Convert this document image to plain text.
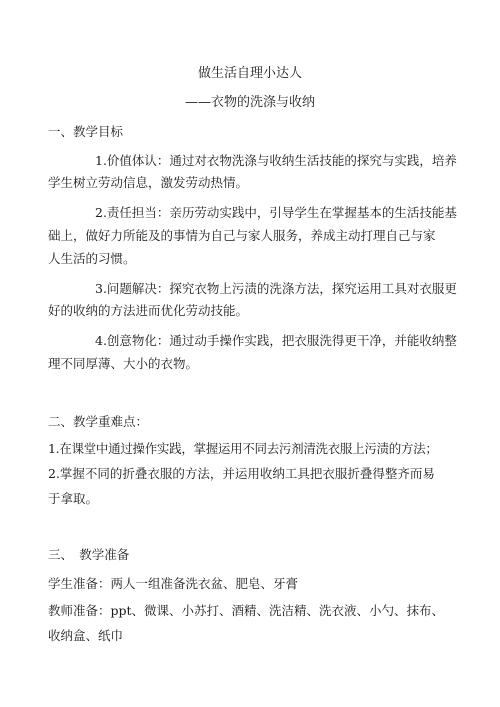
做生活自理小达人
——衣物的洗涤与收纳
一、教学目标
1.价值体认：通过对衣物洗涤与收纳生活技能的探究与实践，培养
学生树立劳动信息，激发劳动热情。
2.责任担当：亲历劳动实践中，引导学生在掌握基本的生活技能基
础上，做好力所能及的事情为自己与家人服务，养成主动打理自己与家
人生活的习惯。
3.问题解决：探究衣物上污渍的洗涤方法，探究运用工具对衣服更
好的收纳的方法进而优化劳动技能。
4.创意物化：通过动手操作实践，把衣服洗得更干净，并能收纳整
理不同厚薄、大小的衣物。
二、教学重难点：
1.在课堂中通过操作实践，掌握运用不同去污剂清洗衣服上污渍的方法；
2.掌握不同的折叠衣服的方法，并运用收纳工具把衣服折叠得整齐而易
于拿取。
三、　教学准备
学生准备：两人一组准备洗衣盆、肥皂、牙膏
教师准备：ppt、微课、小苏打、酒精、洗洁精、洗衣液、小勺、抹布、
收纳盒、纸巾
